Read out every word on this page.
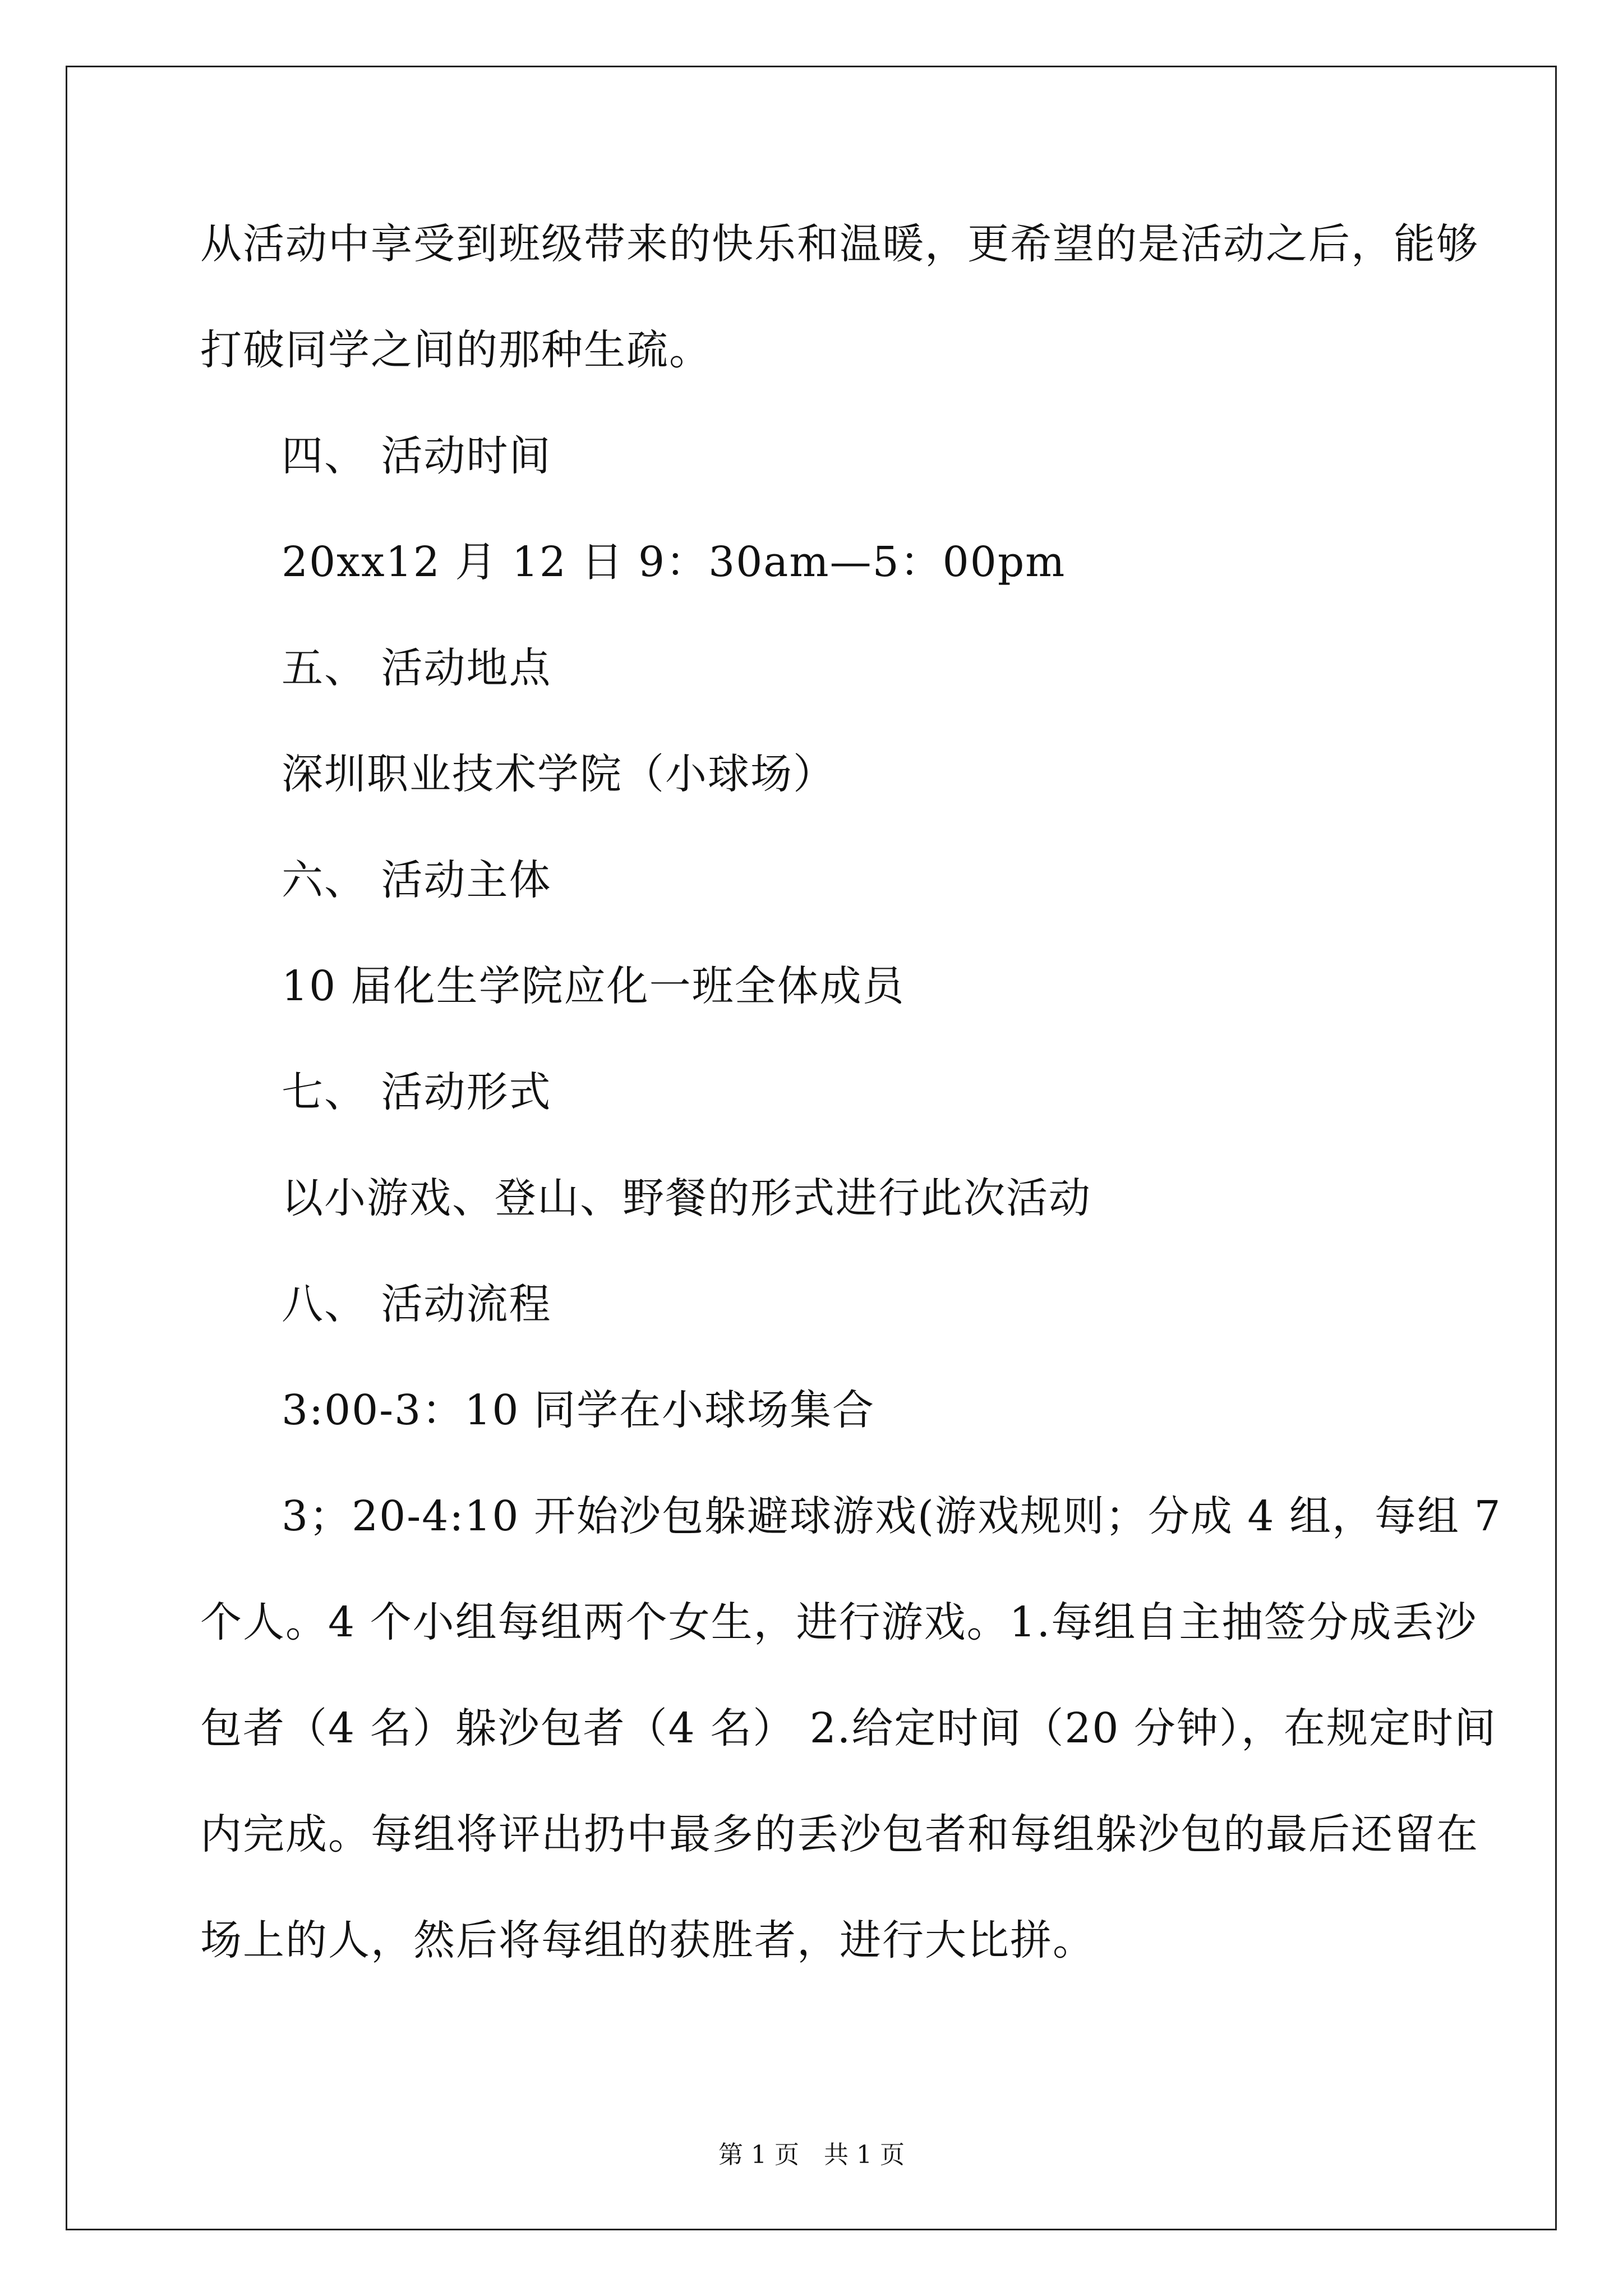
从活动中享受到班级带来的快乐和温暖，更希望的是活动之后，能够
打破同学之间的那种生疏。
四、 活动时间
20xx12 月 12 日 9：30am—5：00pm
五、 活动地点
深圳职业技术学院（小球场）
六、 活动主体
10 届化生学院应化一班全体成员
七、 活动形式
以小游戏、登山、野餐的形式进行此次活动
八、 活动流程
3:00-3：10 同学在小球场集合
3；20-4:10 开始沙包躲避球游戏(游戏规则；分成 4 组，每组 7
个人。4 个小组每组两个女生，进行游戏。1.每组自主抽签分成丢沙
包者（4 名）躲沙包者（4 名） 2.给定时间（20 分钟），在规定时间
内完成。每组将评出扔中最多的丢沙包者和每组躲沙包的最后还留在
场上的人，然后将每组的获胜者，进行大比拼。
第 1 页　共 1 页
